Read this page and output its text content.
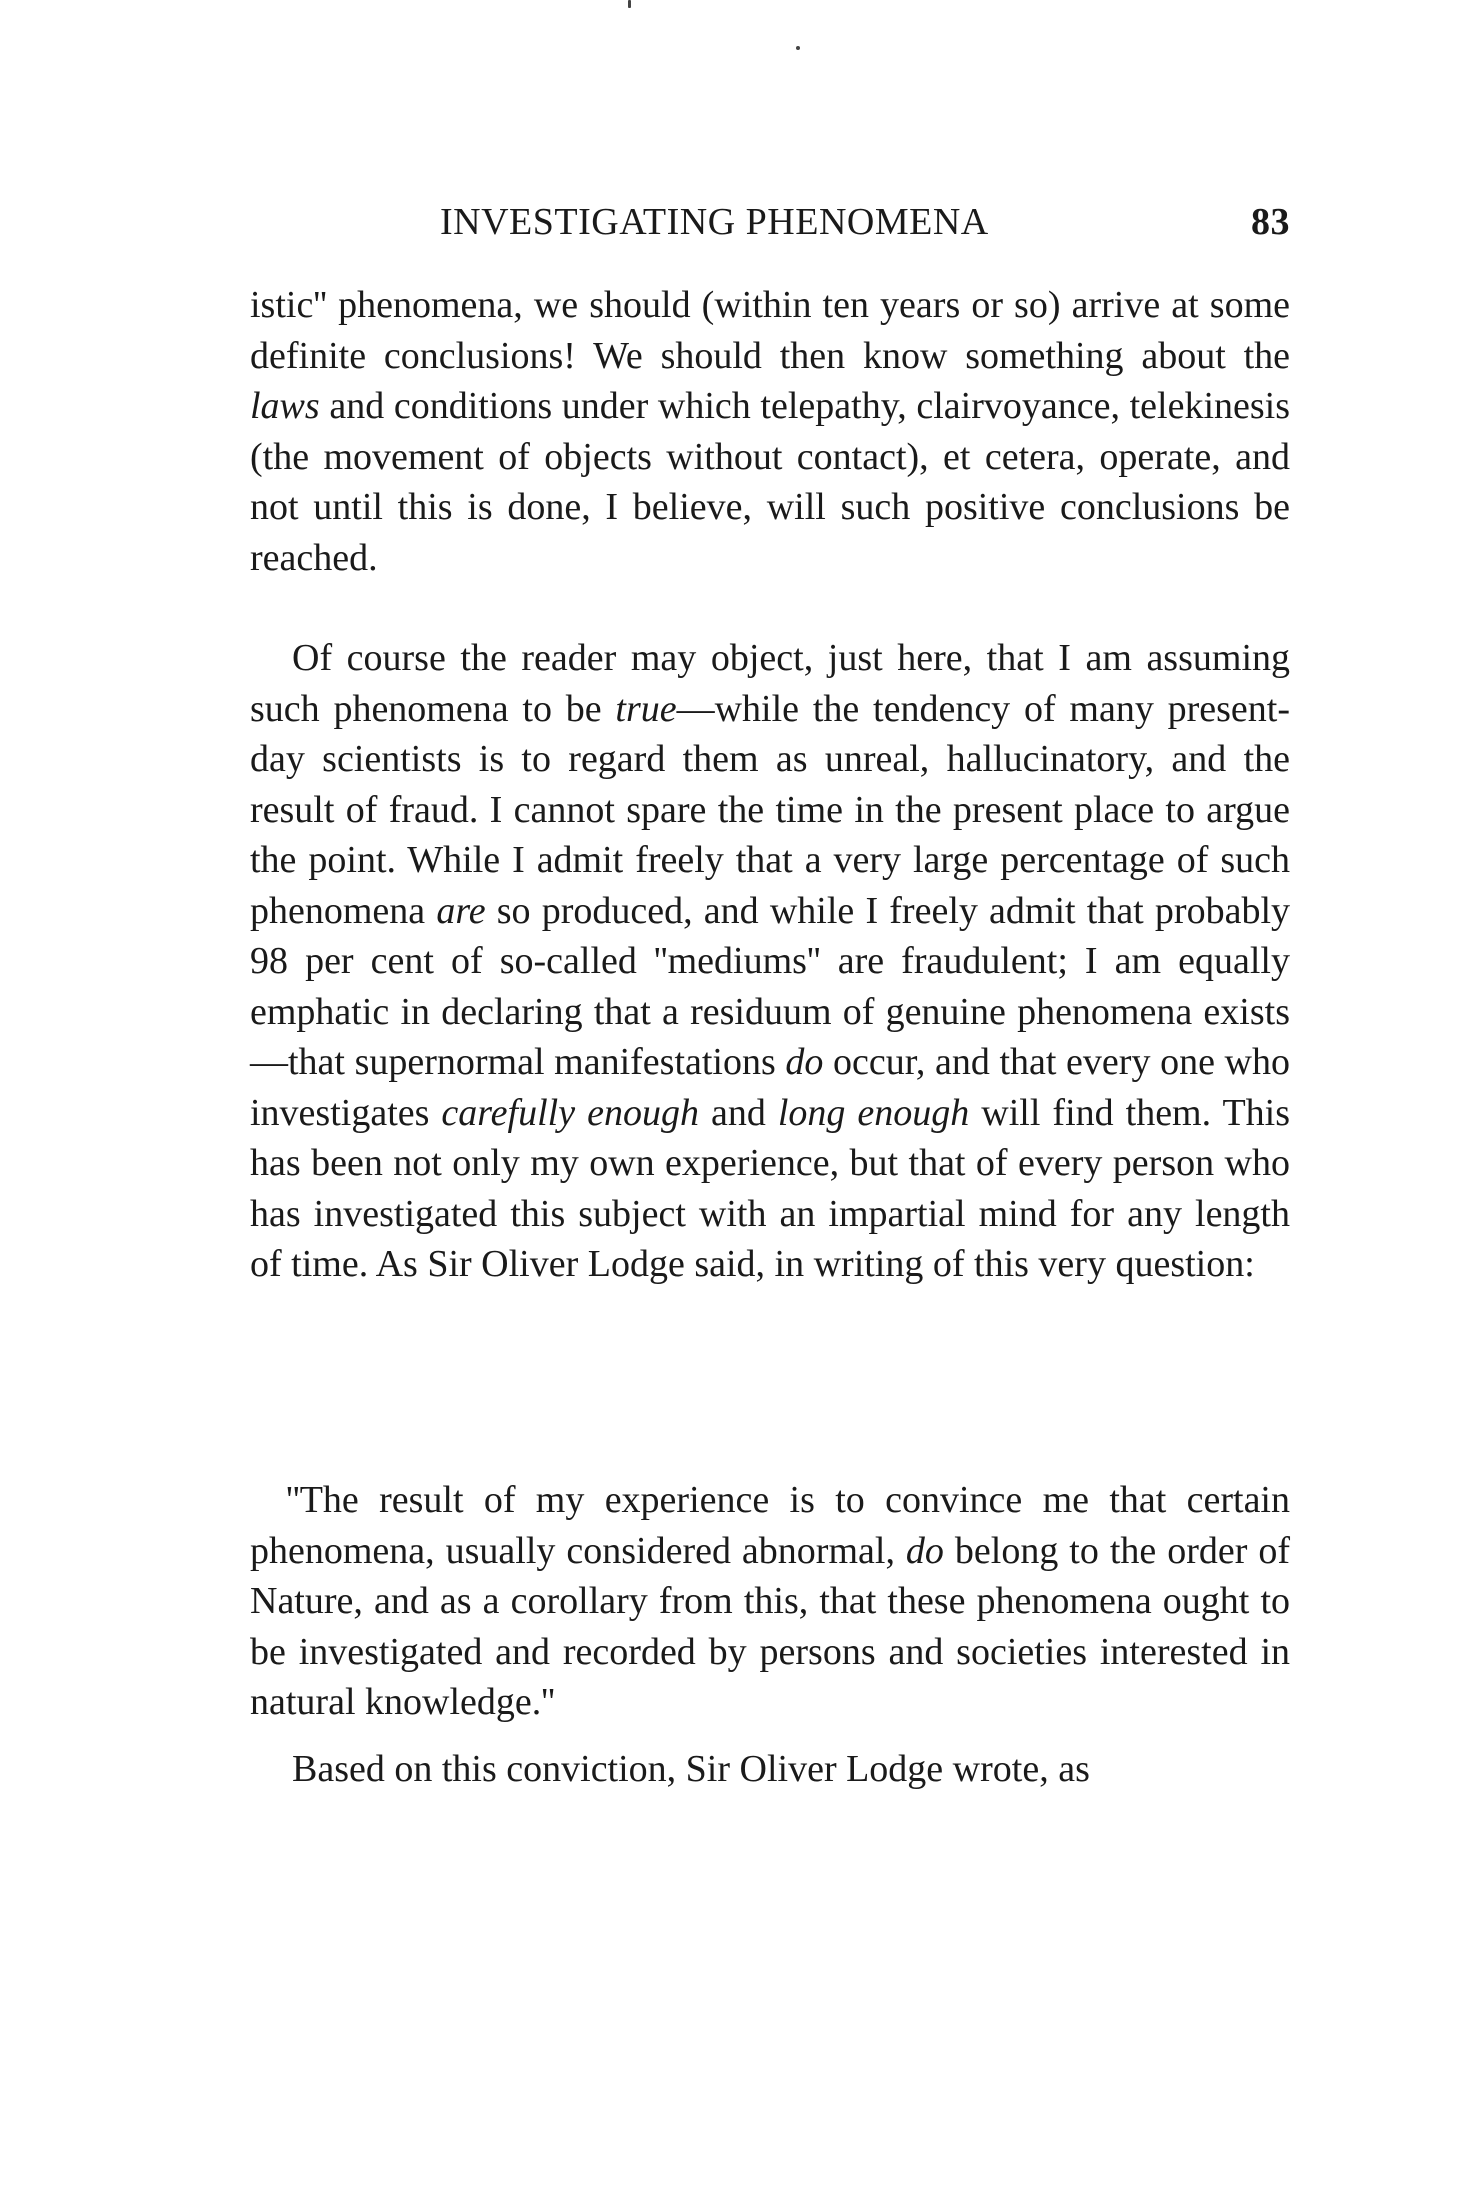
INVESTIGATING PHENOMENA	83

istic'' phenomena, we should (within ten years or so) arrive at some definite conclusions! We should then know something about the laws and conditions under which telepathy, clairvoyance, telekinesis (the movement of objects without contact), et cetera, operate, and not until this is done, I believe, will such positive conclusions be reached.

Of course the reader may object, just here, that I am assuming such phenomena to be true—while the tendency of many present-day scientists is to regard them as unreal, hallucinatory, and the result of fraud. I cannot spare the time in the present place to argue the point. While I admit freely that a very large percentage of such phenomena are so produced, and while I freely admit that probably 98 per cent of so-called ''mediums'' are fraudulent; I am equally emphatic in declaring that a residuum of genuine phenomena exists—that supernormal manifestations do occur, and that every one who investigates carefully enough and long enough will find them. This has been not only my own experience, but that of every person who has investigated this subject with an impartial mind for any length of time. As Sir Oliver Lodge said, in writing of this very question:

''The result of my experience is to convince me that certain phenomena, usually considered abnormal, do belong to the order of Nature, and as a corollary from this, that these phenomena ought to be investigated and recorded by persons and societies interested in natural knowledge.''

Based on this conviction, Sir Oliver Lodge wrote, as
